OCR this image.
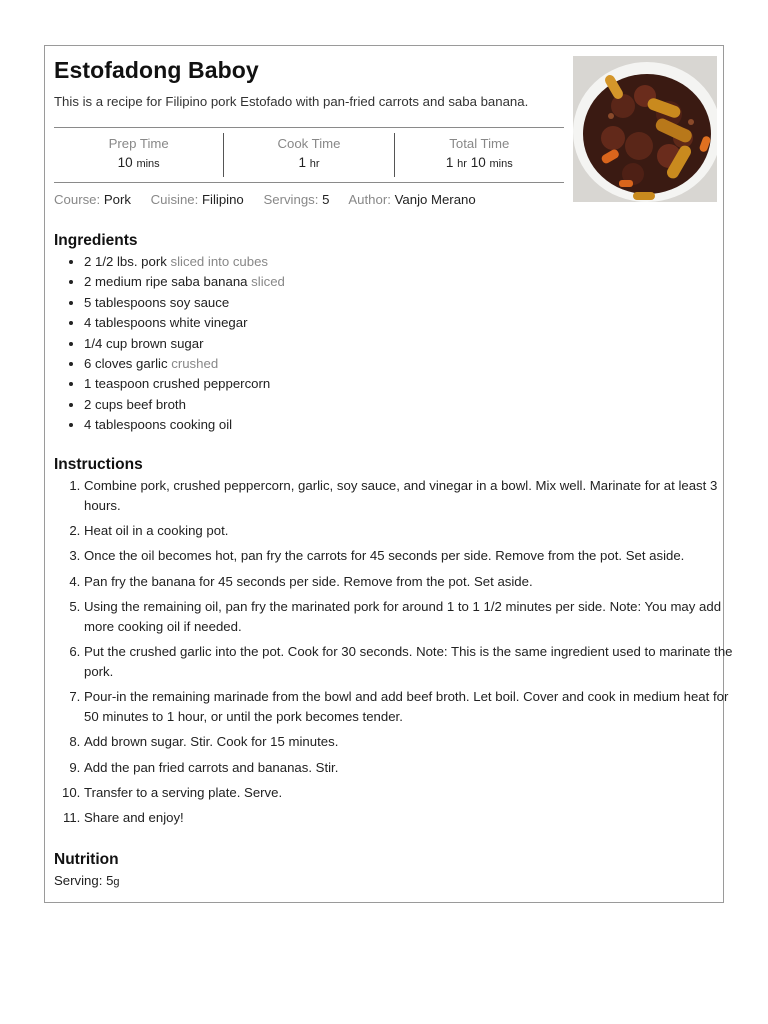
Estofadong Baboy
This is a recipe for Filipino pork Estofado with pan-fried carrots and saba banana.
Prep Time
10 mins
Cook Time
1 hr
Total Time
1 hr 10 mins
Course: Pork Cuisine: Filipino Servings: 5 Author: Vanjo Merano
Ingredients
• 2 1/2 lbs. pork sliced into cubes
• 2 medium ripe saba banana sliced
• 5 tablespoons soy sauce
• 4 tablespoons white vinegar
• 1/4 cup brown sugar
• 6 cloves garlic crushed
• 1 teaspoon crushed peppercorn
• 2 cups beef broth
• 4 tablespoons cooking oil
Instructions
1. Combine pork, crushed peppercorn, garlic, soy sauce, and vinegar in a bowl. Mix well. Marinate for at least 3 hours.
2. Heat oil in a cooking pot.
3. Once the oil becomes hot, pan fry the carrots for 45 seconds per side. Remove from the pot. Set aside.
4. Pan fry the banana for 45 seconds per side. Remove from the pot. Set aside.
5. Using the remaining oil, pan fry the marinated pork for around 1 to 1 1/2 minutes per side. Note: You may add more cooking oil if needed.
6. Put the crushed garlic into the pot. Cook for 30 seconds. Note: This is the same ingredient used to marinate the pork.
7. Pour-in the remaining marinade from the bowl and add beef broth. Let boil. Cover and cook in medium heat for 50 minutes to 1 hour, or until the pork becomes tender.
8. Add brown sugar. Stir. Cook for 15 minutes.
9. Add the pan fried carrots and bananas. Stir.
10. Transfer to a serving plate. Serve.
11. Share and enjoy!
Nutrition
Serving: 5g
